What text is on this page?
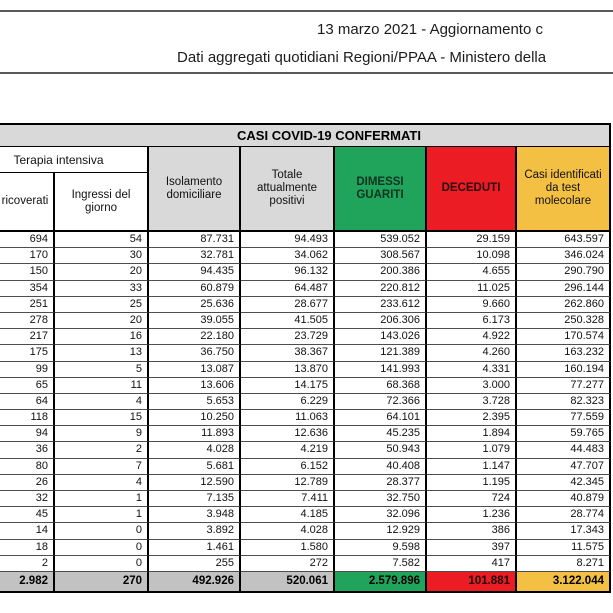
13 marzo 2021 - Aggiornamento c
Dati aggregati quotidiani Regioni/PPAA - Ministero della
CASI COVID-19 CONFERMATI
Terapia intensiva
ricoverati
Ingressi del giorno
Isolamento domiciliare
Totale attualmente positivi
DIMESSI GUARITI
DECEDUTI
Casi identificati da test molecolare
694	54	87.731	94.493	539.052	29.159	643.597
170	30	32.781	34.062	308.567	10.098	346.024
150	20	94.435	96.132	200.386	4.655	290.790
354	33	60.879	64.487	220.812	11.025	296.144
251	25	25.636	28.677	233.612	9.660	262.860
278	20	39.055	41.505	206.306	6.173	250.328
217	16	22.180	23.729	143.026	4.922	170.574
175	13	36.750	38.367	121.389	4.260	163.232
99	5	13.087	13.870	141.993	4.331	160.194
65	11	13.606	14.175	68.368	3.000	77.277
64	4	5.653	6.229	72.366	3.728	82.323
118	15	10.250	11.063	64.101	2.395	77.559
94	9	11.893	12.636	45.235	1.894	59.765
36	2	4.028	4.219	50.943	1.079	44.483
80	7	5.681	6.152	40.408	1.147	47.707
26	4	12.590	12.789	28.377	1.195	42.345
32	1	7.135	7.411	32.750	724	40.879
45	1	3.948	4.185	32.096	1.236	28.774
14	0	3.892	4.028	12.929	386	17.343
18	0	1.461	1.580	9.598	397	11.575
2	0	255	272	7.582	417	8.271
2.982	270	492.926	520.061	2.579.896	101.881	3.122.044
